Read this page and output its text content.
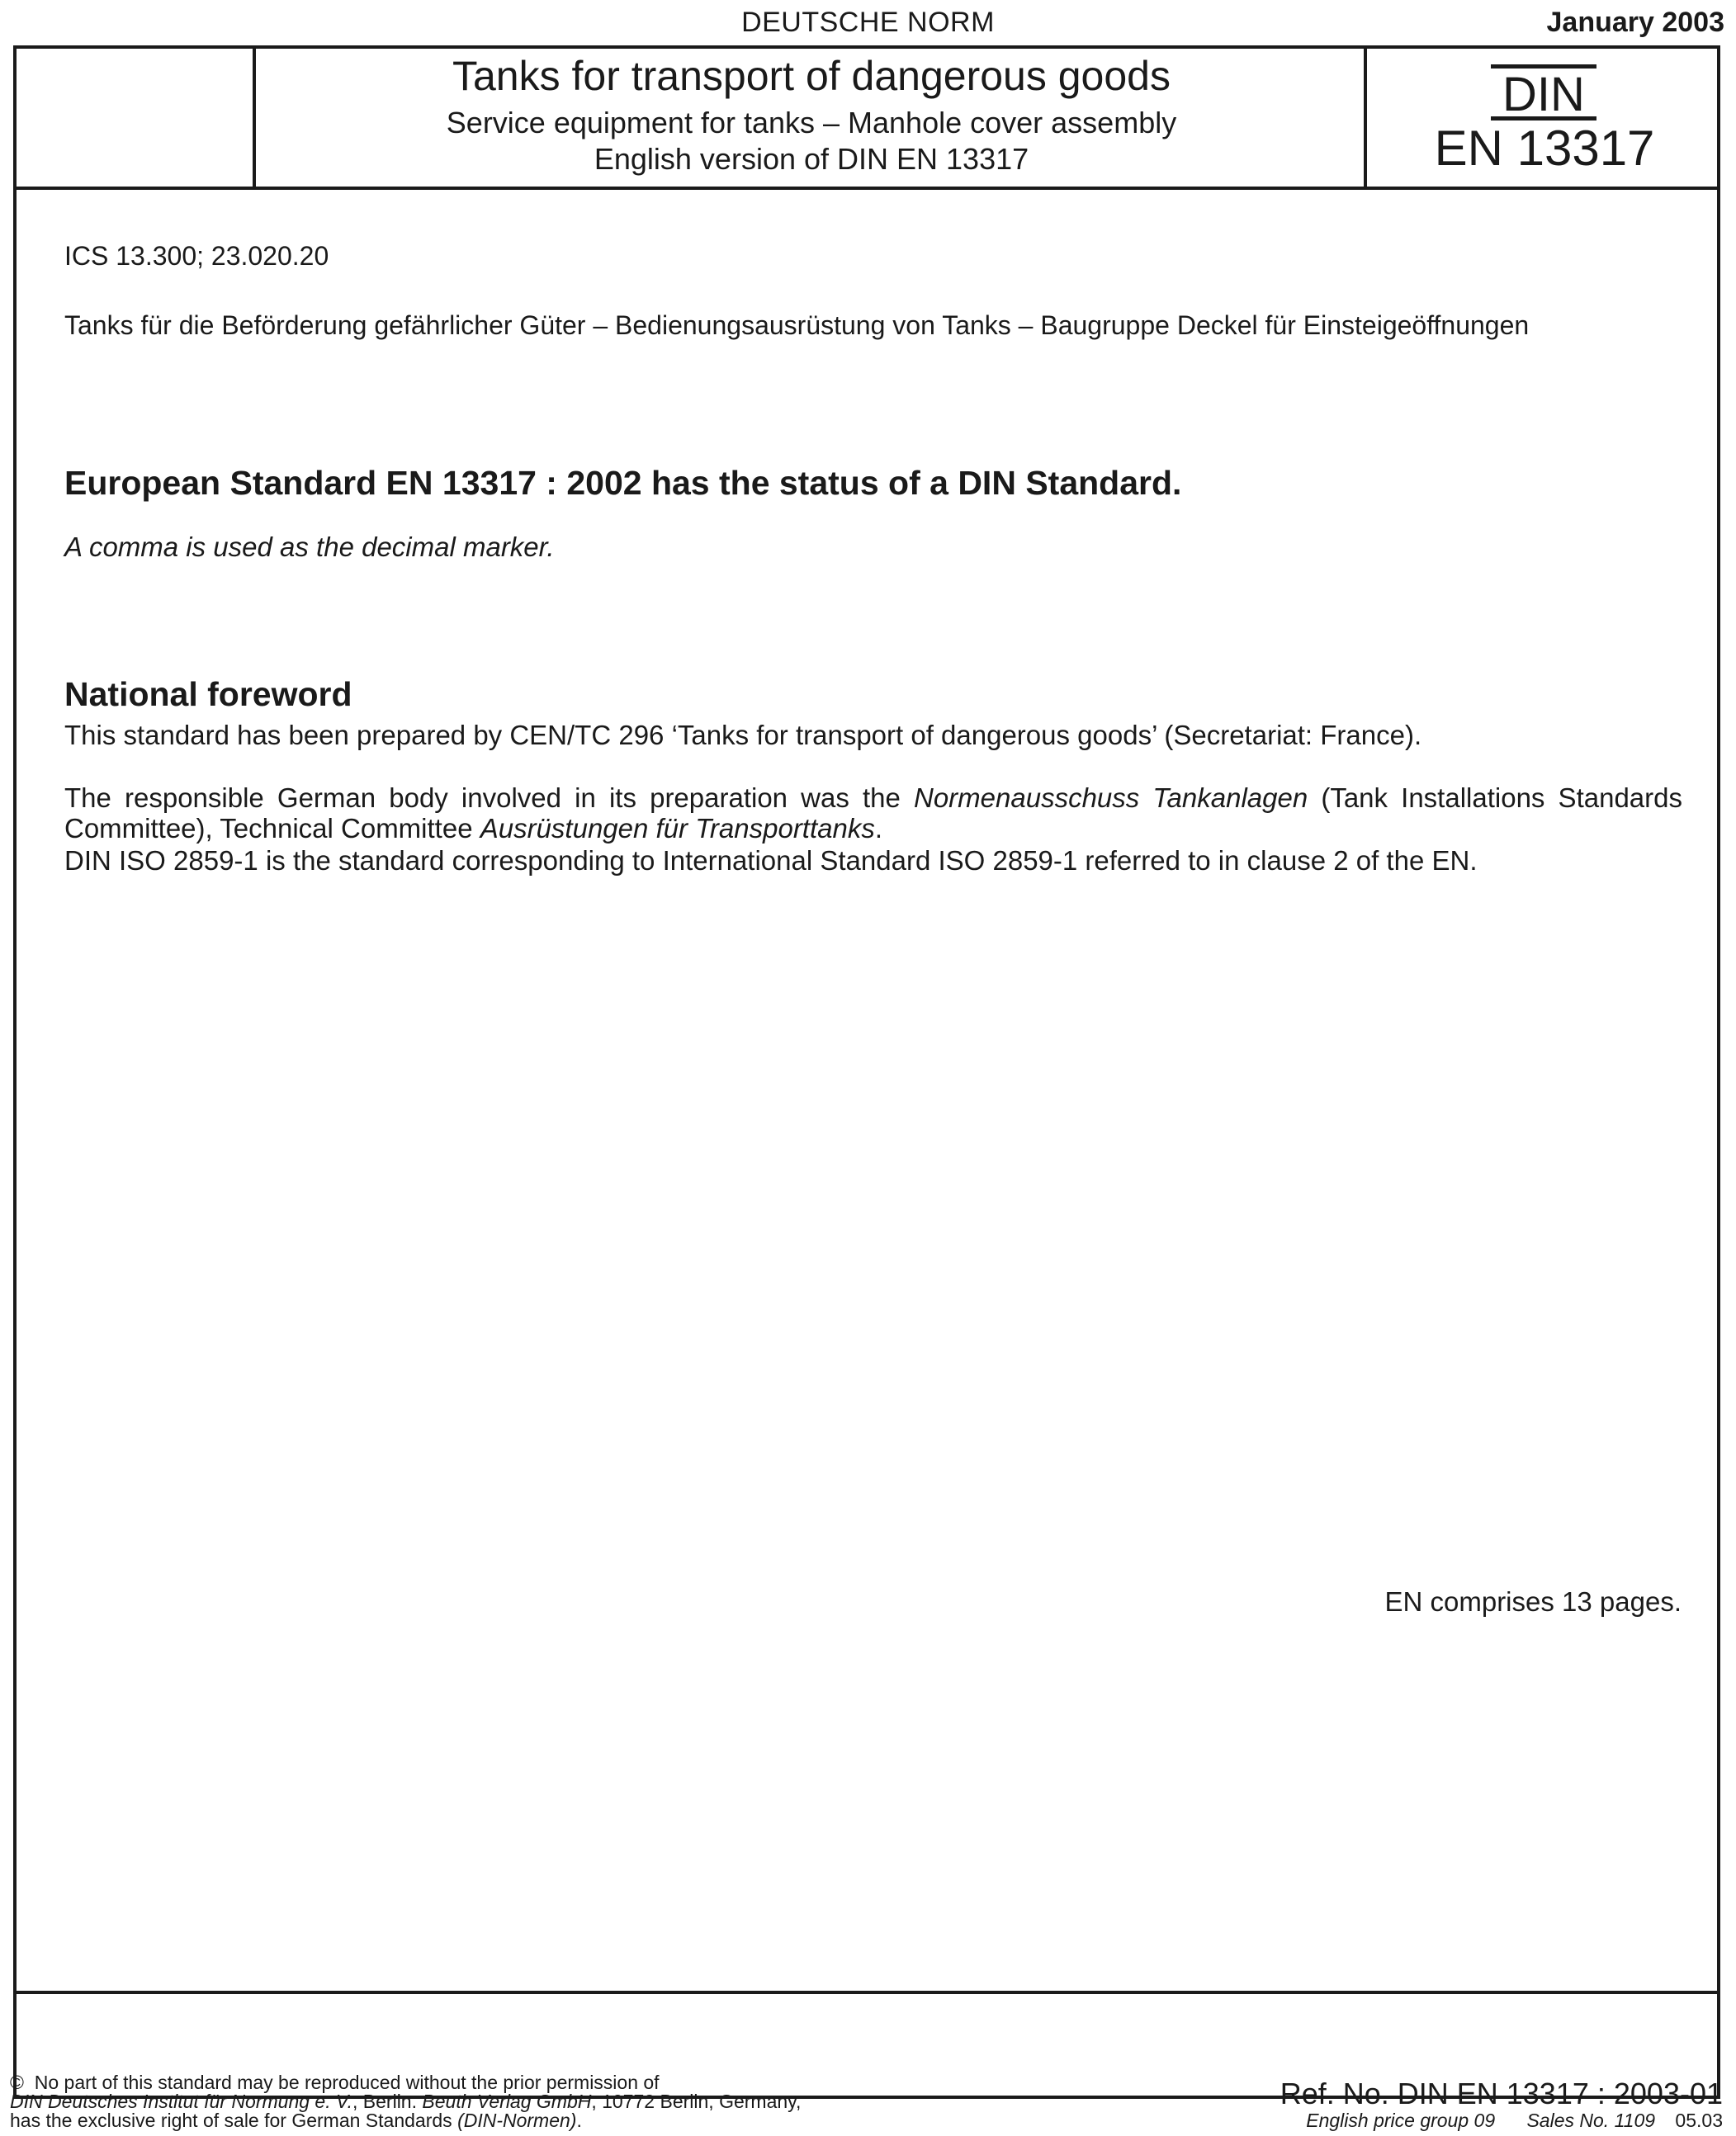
DEUTSCHE NORM	January 2003
Tanks for transport of dangerous goods
Service equipment for tanks – Manhole cover assembly
English version of DIN EN 13317
DIN
EN 13317
ICS 13.300; 23.020.20
Tanks für die Beförderung gefährlicher Güter – Bedienungsausrüstung von Tanks – Baugruppe Deckel für Einsteigeöffnungen
European Standard EN 13317 : 2002 has the status of a DIN Standard.
A comma is used as the decimal marker.
National foreword
This standard has been prepared by CEN/TC 296 ‘Tanks for transport of dangerous goods’ (Secretariat: France).
The responsible German body involved in its preparation was the Normenausschuss Tankanlagen (Tank Installations Standards Committee), Technical Committee Ausrüstungen für Transporttanks.
DIN ISO 2859-1 is the standard corresponding to International Standard ISO 2859-1 referred to in clause 2 of the EN.
EN comprises 13 pages.
© No part of this standard may be reproduced without the prior permission of
DIN Deutsches Institut für Normung e. V., Berlin. Beuth Verlag GmbH, 10772 Berlin, Germany,
has the exclusive right of sale for German Standards (DIN-Normen).
Ref. No. DIN EN 13317 : 2003-01
English price group 09 Sales No. 1109 05.03
